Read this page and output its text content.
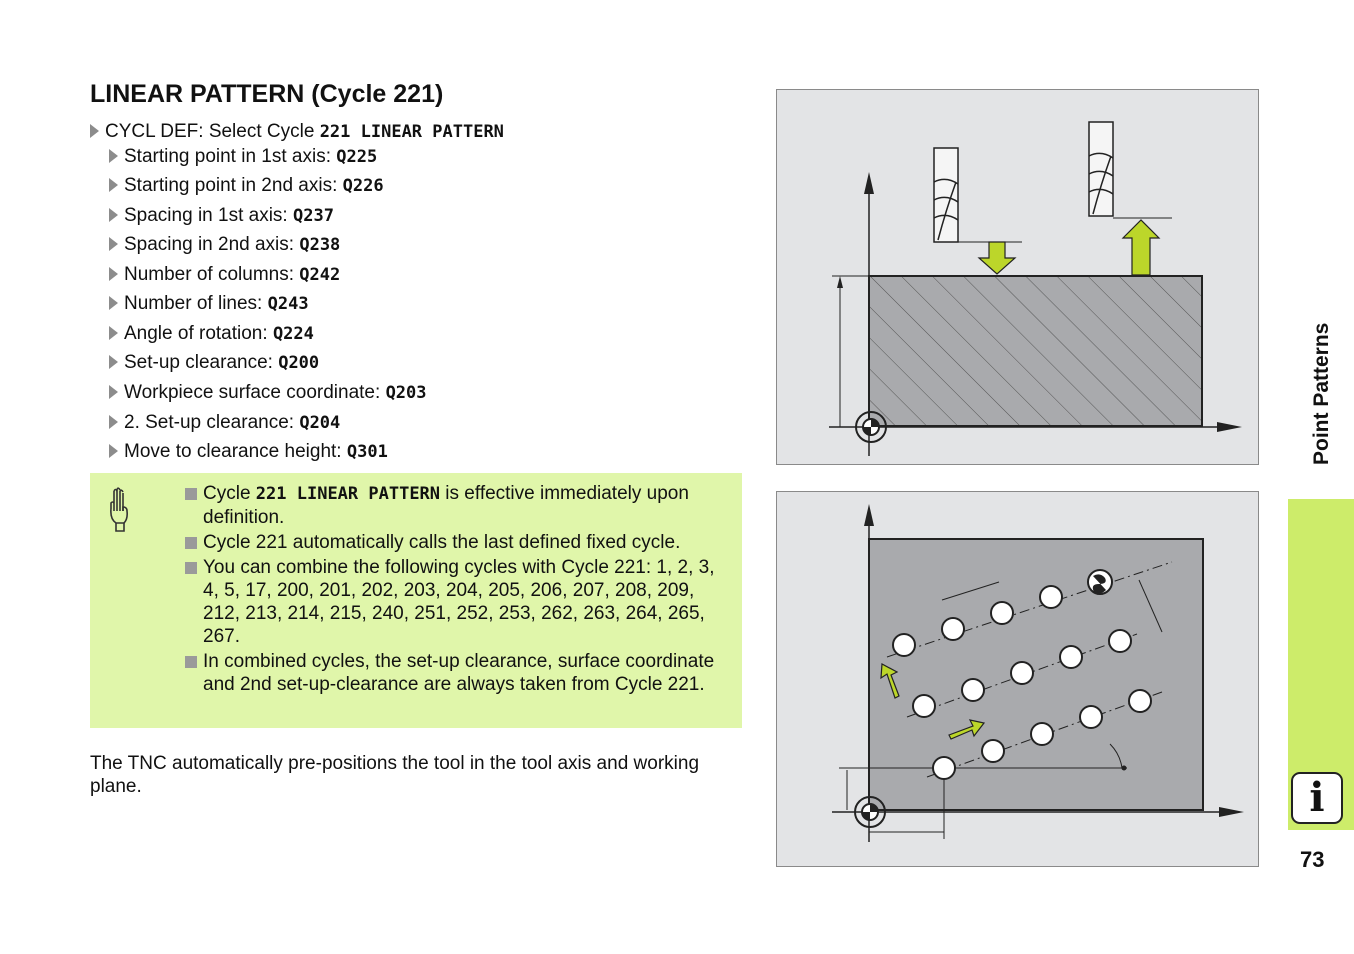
LINEAR PATTERN (Cycle 221)
CYCL DEF: Select Cycle 221 LINEAR PATTERN
Starting point in 1st axis: Q225
Starting point in 2nd axis: Q226
Spacing in 1st axis: Q237
Spacing in 2nd axis: Q238
Number of columns: Q242
Number of lines: Q243
Angle of rotation: Q224
Set-up clearance: Q200
Workpiece surface coordinate: Q203
2. Set-up clearance: Q204
Move to clearance height: Q301
Cycle 221 LINEAR PATTERN is effective immediately upon definition.
Cycle 221 automatically calls the last defined fixed cycle.
You can combine the following cycles with Cycle 221: 1, 2, 3, 4, 5, 17, 200, 201, 202, 203, 204, 205, 206, 207, 208, 209, 212, 213, 214, 215, 240, 251, 252, 253, 262, 263, 264, 265, 267.
In combined cycles, the set-up clearance, surface coordinate and 2nd set-up-clearance are always taken from Cycle 221.

The TNC automatically pre-positions the tool in the tool axis and working plane.

Point Patterns
i
73
